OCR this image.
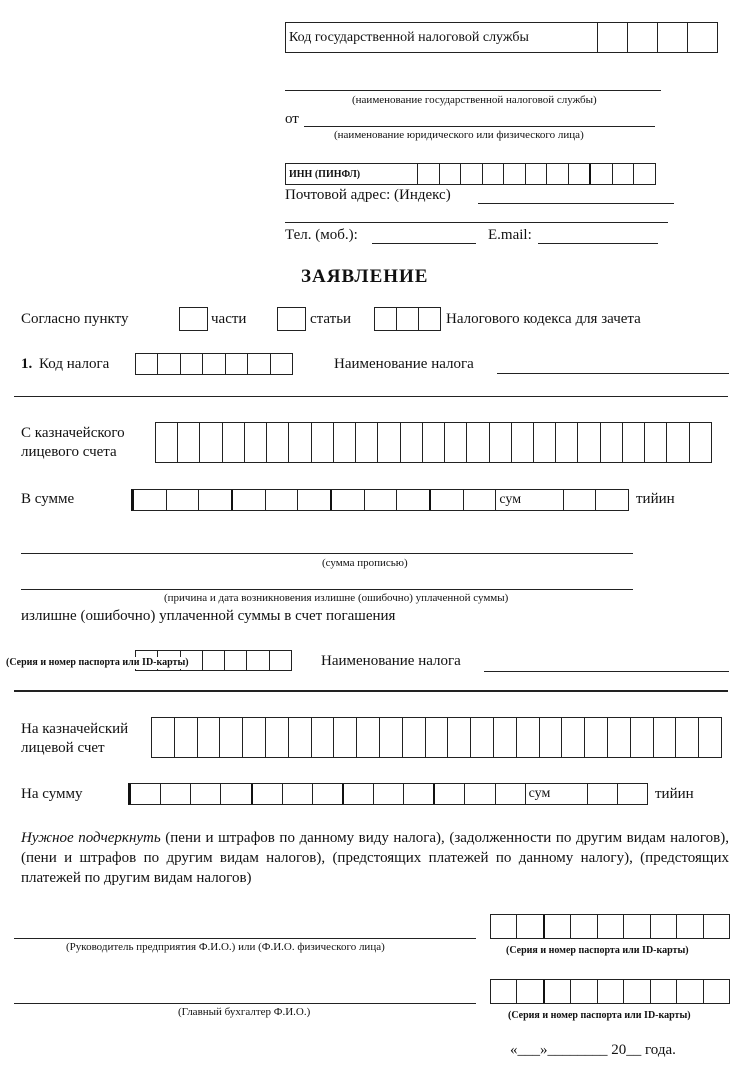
Код государственной налоговой службы
(наименование государственной налоговой службы)
от
(наименование юридического или физического лица)
ИНН (ПИНФЛ)
Почтовой адрес: (Индекс)
Тел. (моб.):	E.mail:
ЗАЯВЛЕНИЕ
Согласно пункту	части	статьи	Налогового кодекса для зачета
1. Код налога	Наименование налога
С казначейского
лицевого счета
В сумме	сум	тийин
(сумма прописью)
(причина и дата возникновения излишне (ошибочно) уплаченной суммы)
излишне (ошибочно) уплаченной суммы в счет погашения
(Серия и номер паспорта или ID-карты)	Наименование налога
На казначейский
лицевой счет
На сумму	сум	тийин
Нужное подчеркнуть (пени и штрафов по данному виду налога), (задолженности по другим видам налогов), (пени и штрафов по другим видам налогов), (предстоящих платежей по данному налогу), (предстоящих платежей по другим видам налогов)
(Руководитель предприятия Ф.И.О.) или (Ф.И.О. физического лица)	(Серия и номер паспорта или ID-карты)
(Главный бухгалтер Ф.И.О.)	(Серия и номер паспорта или ID-карты)
«___»________ 20__ года.
